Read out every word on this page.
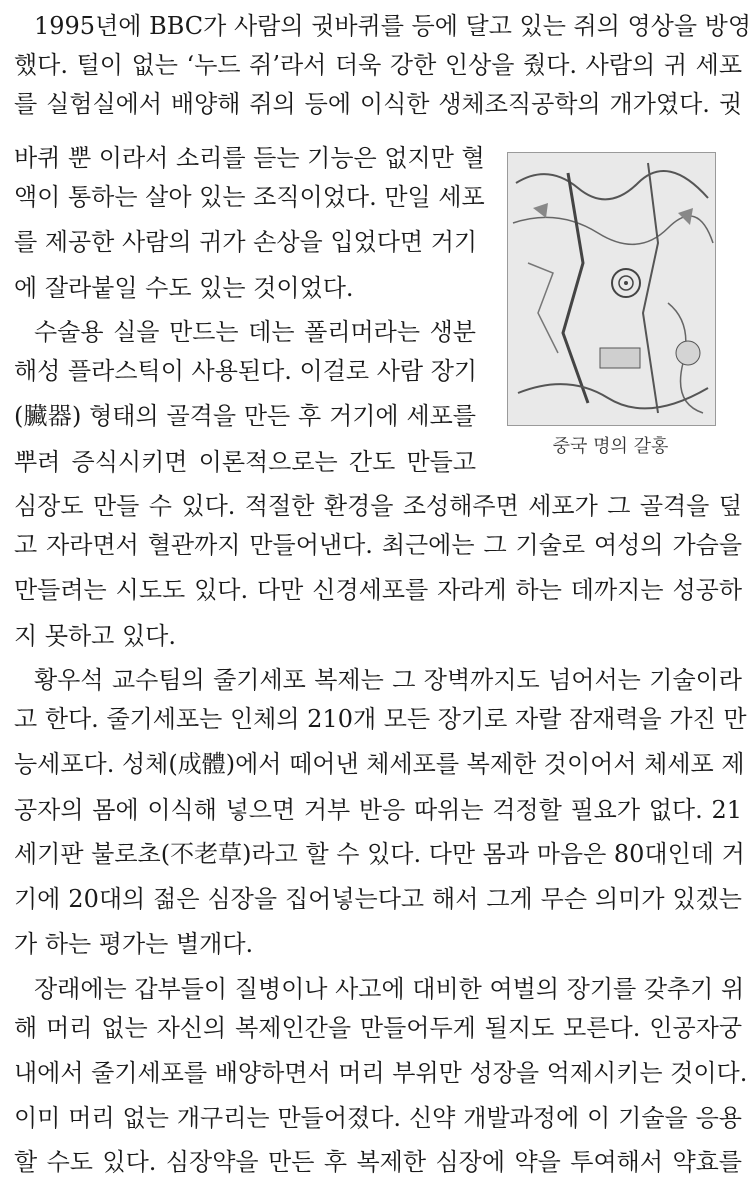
1995년에 BBC가 사람의 귓바퀴를 등에 달고 있는 쥐의 영상을 방영

했다. 털이 없는 ‘누드 쥐’라서 더욱 강한 인상을 줬다. 사람의 귀 세포

를 실험실에서 배양해 쥐의 등에 이식한 생체조직공학의 개가였다. 귓

바퀴 뿐 이라서 소리를 듣는 기능은 없지만 혈

액이 통하는 살아 있는 조직이었다. 만일 세포

를 제공한 사람의 귀가 손상을 입었다면 거기

에 잘라붙일 수도 있는 것이었다.

수술용 실을 만드는 데는 폴리머라는 생분

해성 플라스틱이 사용된다. 이걸로 사람 장기

(臟器) 형태의 골격을 만든 후 거기에 세포를

뿌려 증식시키면 이론적으로는 간도 만들고

중국 명의 갈홍

심장도 만들 수 있다. 적절한 환경을 조성해주면 세포가 그 골격을 덮

고 자라면서 혈관까지 만들어낸다. 최근에는 그 기술로 여성의 가슴을

만들려는 시도도 있다. 다만 신경세포를 자라게 하는 데까지는 성공하

지 못하고 있다.

황우석 교수팀의 줄기세포 복제는 그 장벽까지도 넘어서는 기술이라

고 한다. 줄기세포는 인체의 210개 모든 장기로 자랄 잠재력을 가진 만

능세포다. 성체(成體)에서 떼어낸 체세포를 복제한 것이어서 체세포 제

공자의 몸에 이식해 넣으면 거부 반응 따위는 걱정할 필요가 없다. 21

세기판 불로초(不老草)라고 할 수 있다. 다만 몸과 마음은 80대인데 거

기에 20대의 젊은 심장을 집어넣는다고 해서 그게 무슨 의미가 있겠는

가 하는 평가는 별개다.

장래에는 갑부들이 질병이나 사고에 대비한 여벌의 장기를 갖추기 위

해 머리 없는 자신의 복제인간을 만들어두게 될지도 모른다. 인공자궁

내에서 줄기세포를 배양하면서 머리 부위만 성장을 억제시키는 것이다.

이미 머리 없는 개구리는 만들어졌다. 신약 개발과정에 이 기술을 응용

할 수도 있다. 심장약을 만든 후 복제한 심장에 약을 투여해서 약효를
